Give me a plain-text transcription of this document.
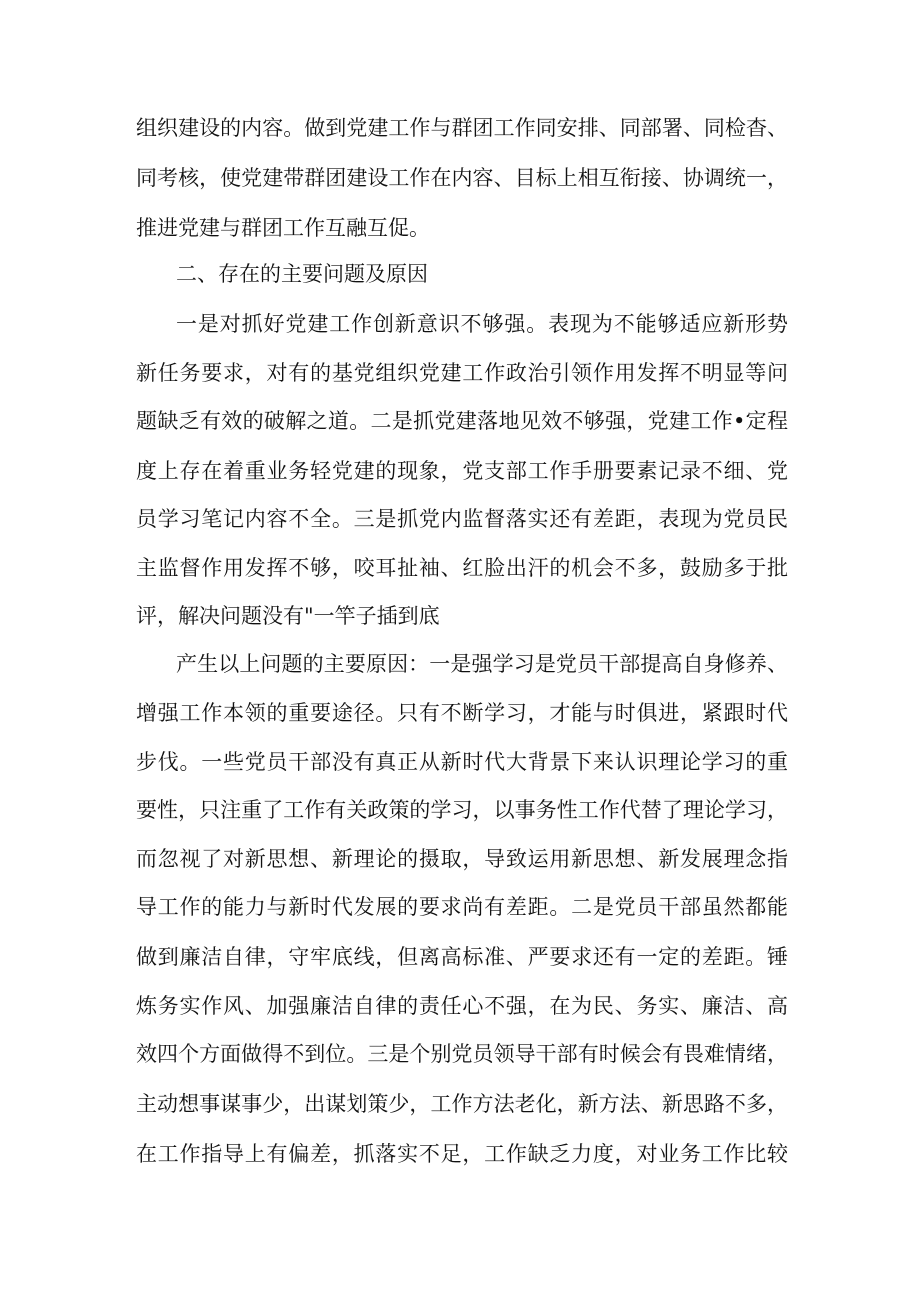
组织建设的内容。做到党建工作与群团工作同安排、同部署、同检杳、
同考核，使党建带群团建设工作在内容、目标上相互衔接、协调统一，
推进党建与群团工作互融互促。
二、存在的主要问题及原因
一是对抓好党建工作创新意识不够强。表现为不能够适应新形势
新任务要求，对有的基党组织党建工作政治引领作用发挥不明显等问
题缺乏有效的破解之道。二是抓党建落地见效不够强，党建工作•定程
度上存在着重业务轻党建的现象，党支部工作手册要素记录不细、党
员学习笔记内容不全。三是抓党内监督落实还有差距，表现为党员民
主监督作用发挥不够，咬耳扯袖、红脸出汗的机会不多，鼓励多于批
评，解决问题没有"一竿子插到底
产生以上问题的主要原因：一是强学习是党员干部提高自身修养、
增强工作本领的重要途径。只有不断学习，才能与时俱进，紧跟时代
步伐。一些党员干部没有真正从新时代大背景下来认识理论学习的重
要性，只注重了工作有关政策的学习，以事务性工作代替了理论学习，
而忽视了对新思想、新理论的摄取，导致运用新思想、新发展理念指
导工作的能力与新时代发展的要求尚有差距。二是党员干部虽然都能
做到廉洁自律，守牢底线，但离高标准、严要求还有一定的差距。锤
炼务实作风、加强廉洁自律的责任心不强，在为民、务实、廉洁、高
效四个方面做得不到位。三是个别党员领导干部有时候会有畏难情绪，
主动想事谋事少，出谋划策少，工作方法老化，新方法、新思路不多，
在工作指导上有偏差，抓落实不足，工作缺乏力度，对业务工作比较
